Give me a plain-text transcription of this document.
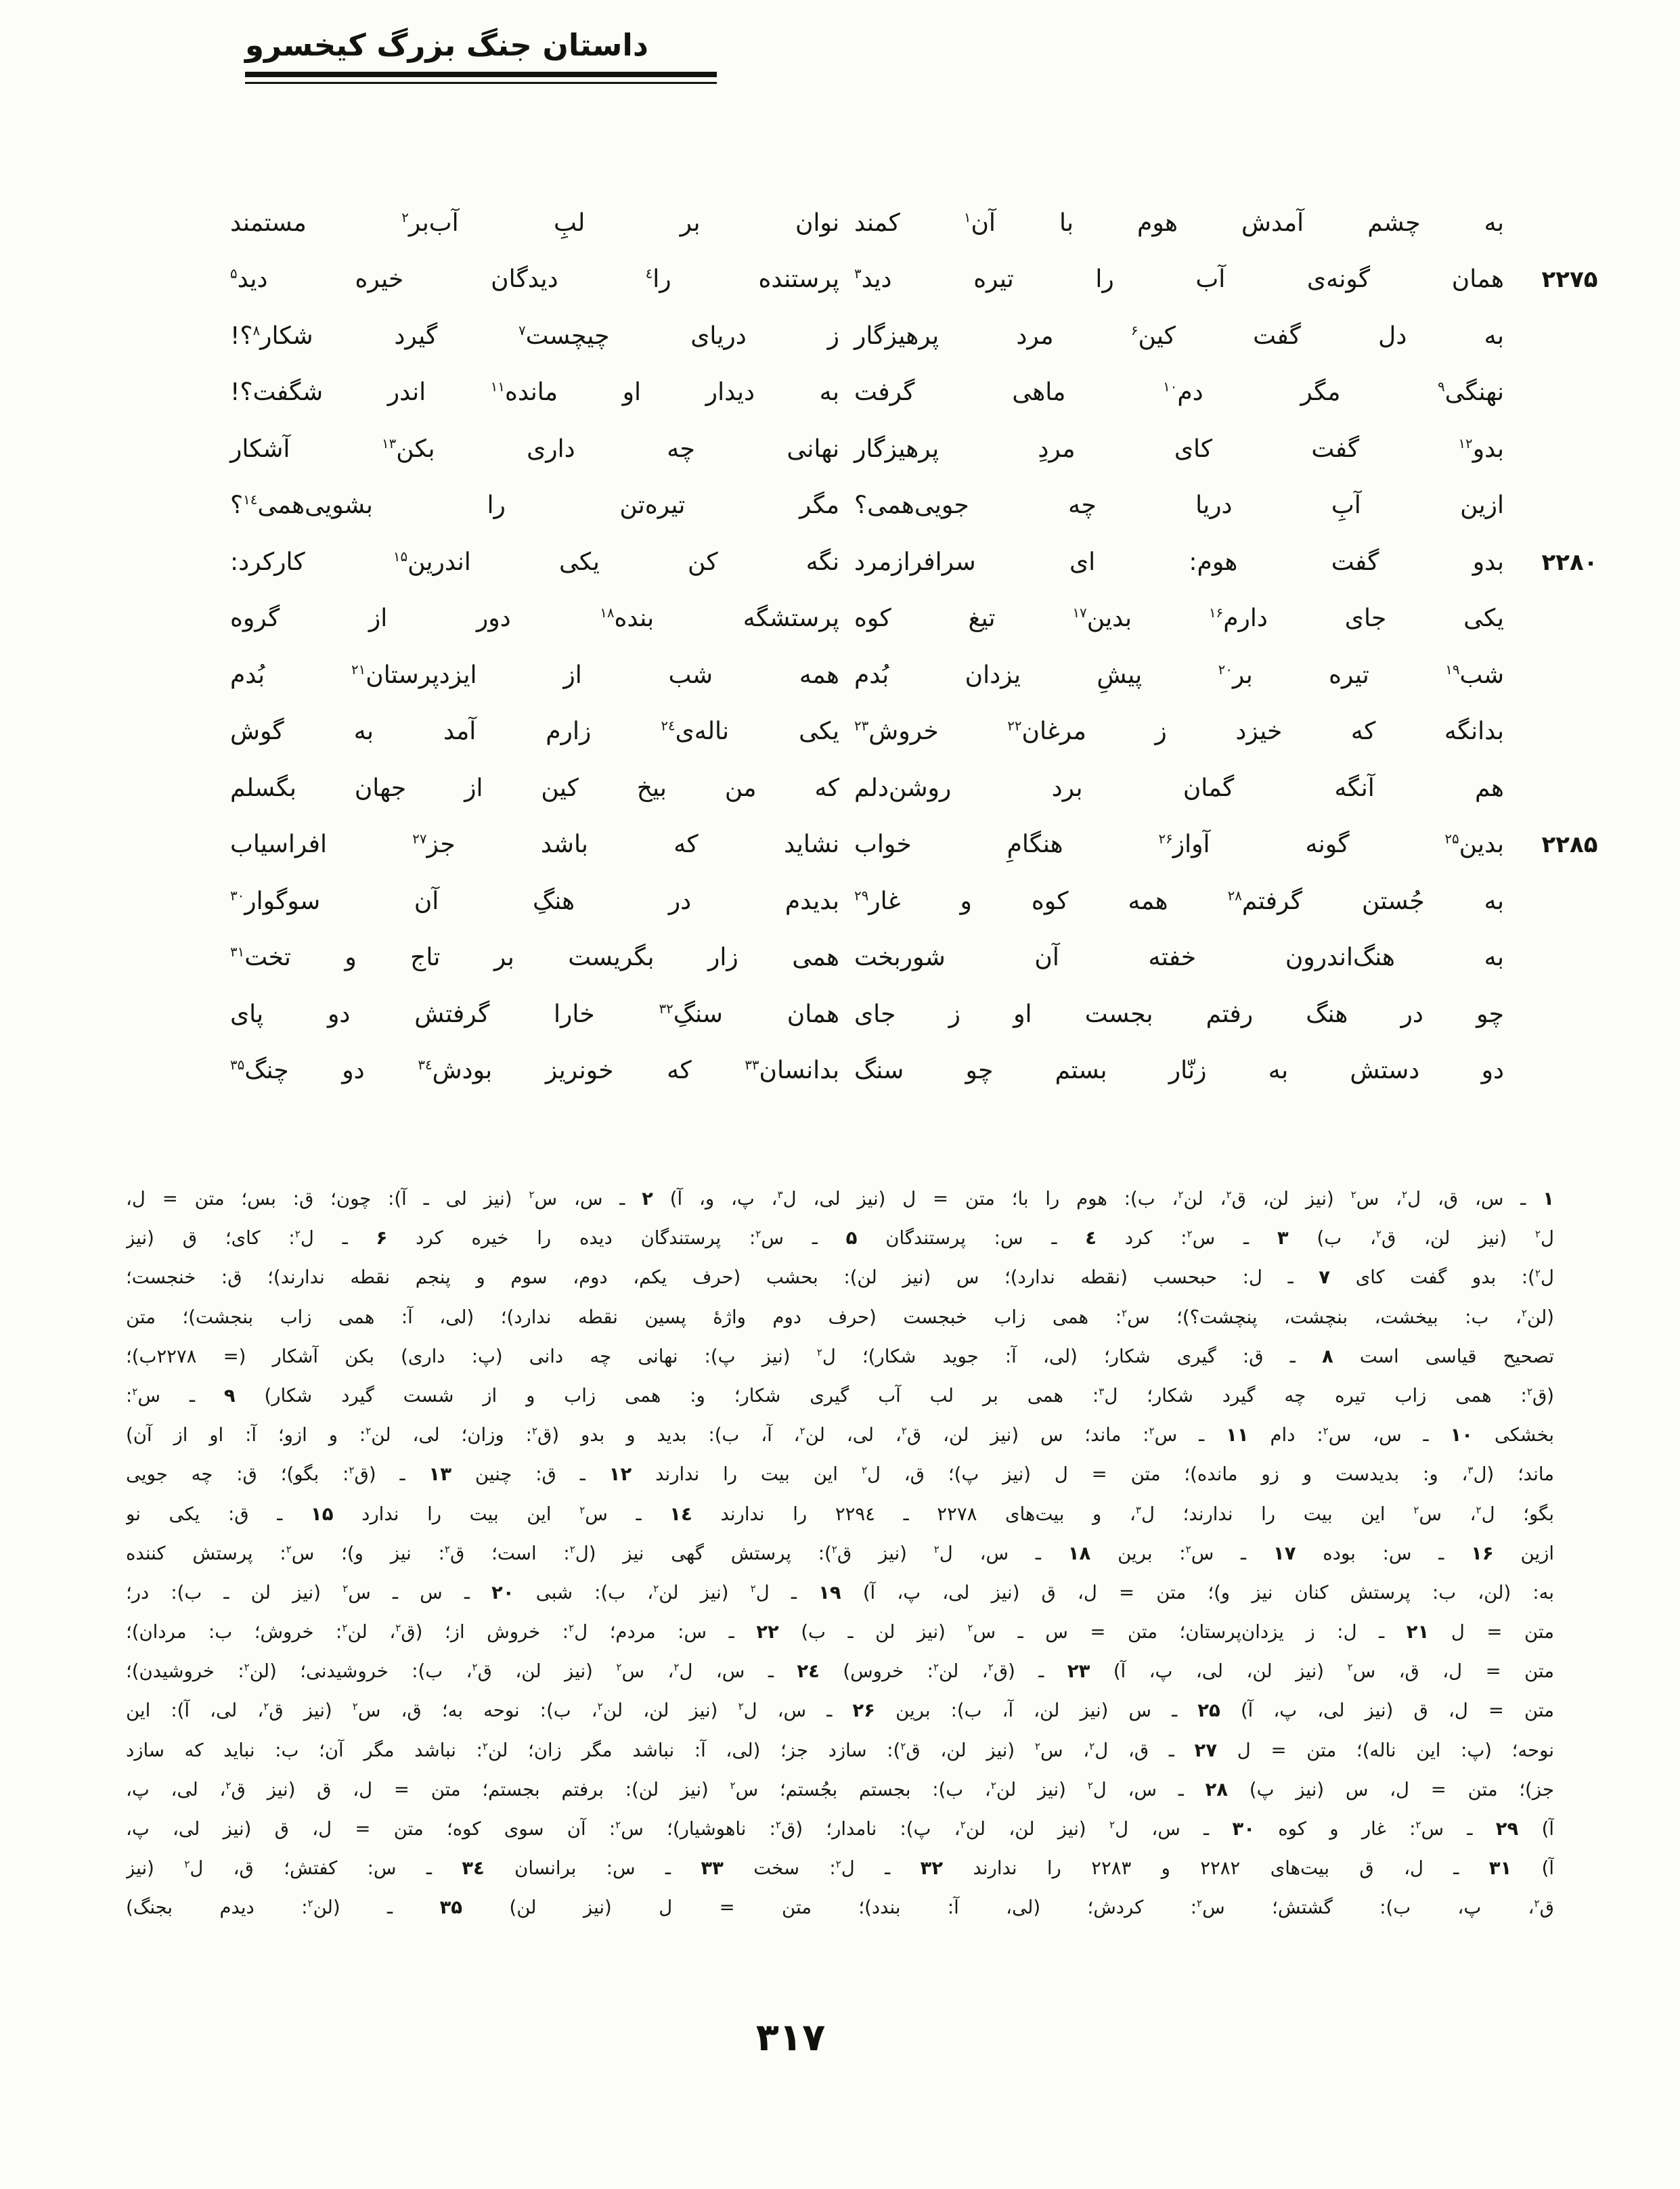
داستان جنگ بزرگ کیخسرو
به چشم آمدش هوم با آن$^۱$ کمند
نوان بر لبِ آب‌بر$^۲$ مستمند
۲۲۷۵
همان گونه‌ی آب را تیره دید$^۳$
پرستنده را$^٤$ دیدگان خیره دید$^۵$
به دل گفت کین$^۶$ مرد پرهیزگار
ز دریای چیچست$^۷$ گیرد شکار$^۸$؟!
نهنگی$^۹$ مگر دم$^{۱۰}$ ماهی گرفت
به دیدار او مانده$^{۱۱}$ اندر شگفت؟!
بدو$^{۱۲}$ گفت کای مردِ پرهیزگار
نهانی چه داری بکن$^{۱۳}$ آشکار
ازین آبِ دریا چه جویی‌همی؟
مگر تیره‌تن را بشویی‌همی$^{۱٤}$؟
۲۲۸۰
بدو گفت هوم: ای سرافرازمرد
نگه کن یکی اندرین$^{۱۵}$ کارکرد:
یکی جای دارم$^{۱۶}$ بدین$^{۱۷}$ تیغ کوه
پرستشگه بنده$^{۱۸}$ دور از گروه
شب$^{۱۹}$ تیره بر$^{۲۰}$ پیشِ یزدان بُدم
همه شب از ایزدپرستان$^{۲۱}$ بُدم
بدانگه که خیزد ز مرغان$^{۲۲}$ خروش$^{۲۳}$
یکی ناله‌ی$^{۲٤}$ زارم آمد به گوش
هم آنگه گمان برد روشن‌دلم
که من بیخ کین از جهان بگسلم
۲۲۸۵
بدین$^{۲۵}$ گونه آواز$^{۲۶}$ هنگامِ خواب
نشاید که باشد جز$^{۲۷}$ افراسیاب
به جُستن گرفتم$^{۲۸}$ همه کوه و غار$^{۲۹}$
بدیدم در هنگِ آن سوگوار$^{۳۰}$
به هنگ‌اندرون خفته آن شوربخت
همی زار بگریست بر تاج و تخت$^{۳۱}$
چو در هنگ رفتم بجست او ز جای
همان سنگِ$^{۳۲}$ خارا گرفتش دو پای
دو دستش به زنّار بستم چو سنگ
بدانسان$^{۳۳}$ که خونریز بودش$^{۳٤}$ دو چنگ$^{۳۵}$
۱ ـ س، ق، ل$^۲$، س$^۲$ (نیز لن، ق$^۲$، لن$^۲$، ب): هوم را با؛ متن = ل (نیز لی، ل$^۳$، پ، و، آ) ۲ ـ س، س$^۲$ (نیز لی ـ آ): چون؛ ق: بس؛ متن = ل،
ل$^۲$ (نیز لن، ق$^۲$، ب) ۳ ـ س$^۲$: کرد ٤ ـ س: پرستندگان ۵ ـ س$^۲$: پرستندگان دیده را خیره کرد ۶ ـ ل$^۲$: کای؛ ق (نیز
ل$^۲$): بدو گفت کای ۷ ـ ل: حبحسب (نقطه ندارد)؛ س (نیز لن): بحشب (حرف یکم، دوم، سوم و پنجم نقطه ندارند)؛ ق: خنجست؛
(لن$^۲$، ب: بیخشت، بنچشت، پنچشت؟)؛ س$^۲$: همی زاب خبجست (حرف دوم واژهٔ پسین نقطه ندارد)؛ (لی، آ: همی زاب بنجشت)؛ متن
تصحیح قیاسی است ۸ ـ ق: گیری شکار؛ (لی، آ: جوید شکار)؛ ل$^۲$ (نیز پ): نهانی چه دانی (پ: داری) بکن آشکار (= ۲۲۷۸ب)؛
(ق$^۲$: همی زاب تیره چه گیرد شکار؛ ل$^۳$: همی بر لب آب گیری شکار؛ و: همی زاب و از شست گیرد شکار) ۹ ـ س$^۲$:
بخشکی ۱۰ ـ س، س$^۲$: دام ۱۱ ـ س$^۲$: ماند؛ س (نیز لن، ق$^۲$، لی، لن$^۲$، آ، ب): بدید و بدو (ق$^۲$: وزان؛ لی، لن$^۲$: و ازو؛ آ: او از آن)
ماند؛ (ل$^۳$، و: بدیدست و زو مانده)؛ متن = ل (نیز پ)؛ ق، ل$^۲$ این بیت را ندارند ۱۲ ـ ق: چنین ۱۳ ـ (ق$^۲$: بگو)؛ ق: چه جویی
بگو؛ ل$^۲$، س$^۲$ این بیت را ندارند؛ ل$^۳$، و بیت‌های ۲۲۷۸ ـ ۲۲۹٤ را ندارند ۱٤ ـ س$^۲$ این بیت را ندارد ۱۵ ـ ق: یکی نو
ازین ۱۶ ـ س: بوده ۱۷ ـ س$^۲$: برین ۱۸ ـ س، ل$^۲$ (نیز ق$^۲$): پرستش گهی نیز (ل$^۲$: است؛ ق$^۲$: نیز و)؛ س$^۲$: پرستش کننده
به: (لن، ب: پرستش کنان نیز و)؛ متن = ل، ق (نیز لی، پ، آ) ۱۹ ـ ل$^۲$ (نیز لن$^۲$، ب): شبی ۲۰ ـ س ـ س$^۲$ (نیز لن ـ ب): در؛
متن = ل ۲۱ ـ ل: ز یزدان‌پرستان؛ متن = س ـ س$^۲$ (نیز لن ـ ب) ۲۲ ـ س: مردم؛ ل$^۲$: خروش از؛ (ق$^۲$، لن$^۲$: خروش؛ ب: مردان)؛
متن = ل، ق، س$^۲$ (نیز لن، لی، پ، آ) ۲۳ ـ (ق$^۲$، لن$^۲$: خروس) ۲٤ ـ س، ل$^۲$، س$^۲$ (نیز لن، ق$^۲$، ب): خروشیدنی؛ (لن$^۲$: خروشیدن)؛
متن = ل، ق (نیز لی، پ، آ) ۲۵ ـ س (نیز لن، آ، ب): برین ۲۶ ـ س، ل$^۲$ (نیز لن، لن$^۲$، ب): نوحه به؛ ق، س$^۲$ (نیز ق$^۲$، لی، آ): این
نوحه؛ (پ: این ناله)؛ متن = ل ۲۷ ـ ق، ل$^۲$، س$^۲$ (نیز لن، ق$^۲$): سازد جز؛ (لی، آ: نباشد مگر زان؛ لن$^۲$: نباشد مگر آن؛ ب: نباید که سازد
جز)؛ متن = ل، س (نیز پ) ۲۸ ـ س، ل$^۲$ (نیز لن$^۲$، ب): بجستم بجُستم؛ س$^۲$ (نیز لن): برفتم بجستم؛ متن = ل، ق (نیز ق$^۲$، لی، پ،
آ) ۲۹ ـ س$^۲$: غار و کوه ۳۰ ـ س، ل$^۲$ (نیز لن، لن$^۲$، پ): نامدار؛ (ق$^۲$: ناهوشیار)؛ س$^۲$: آن سوی کوه؛ متن = ل، ق (نیز لی، پ،
آ) ۳۱ ـ ل، ق بیت‌های ۲۲۸۲ و ۲۲۸۳ را ندارند ۳۲ ـ ل$^۲$: سخت ۳۳ ـ س: برانسان ۳٤ ـ س: کفتش؛ ق، ل$^۲$ (نیز
ق$^۲$، پ، ب): گشتش؛ س$^۲$: کردش؛ (لی، آ: بندد)؛ متن = ل (نیز لن) ۳۵ ـ (لن$^۲$: دیدم بجنگ)
۳۱۷
